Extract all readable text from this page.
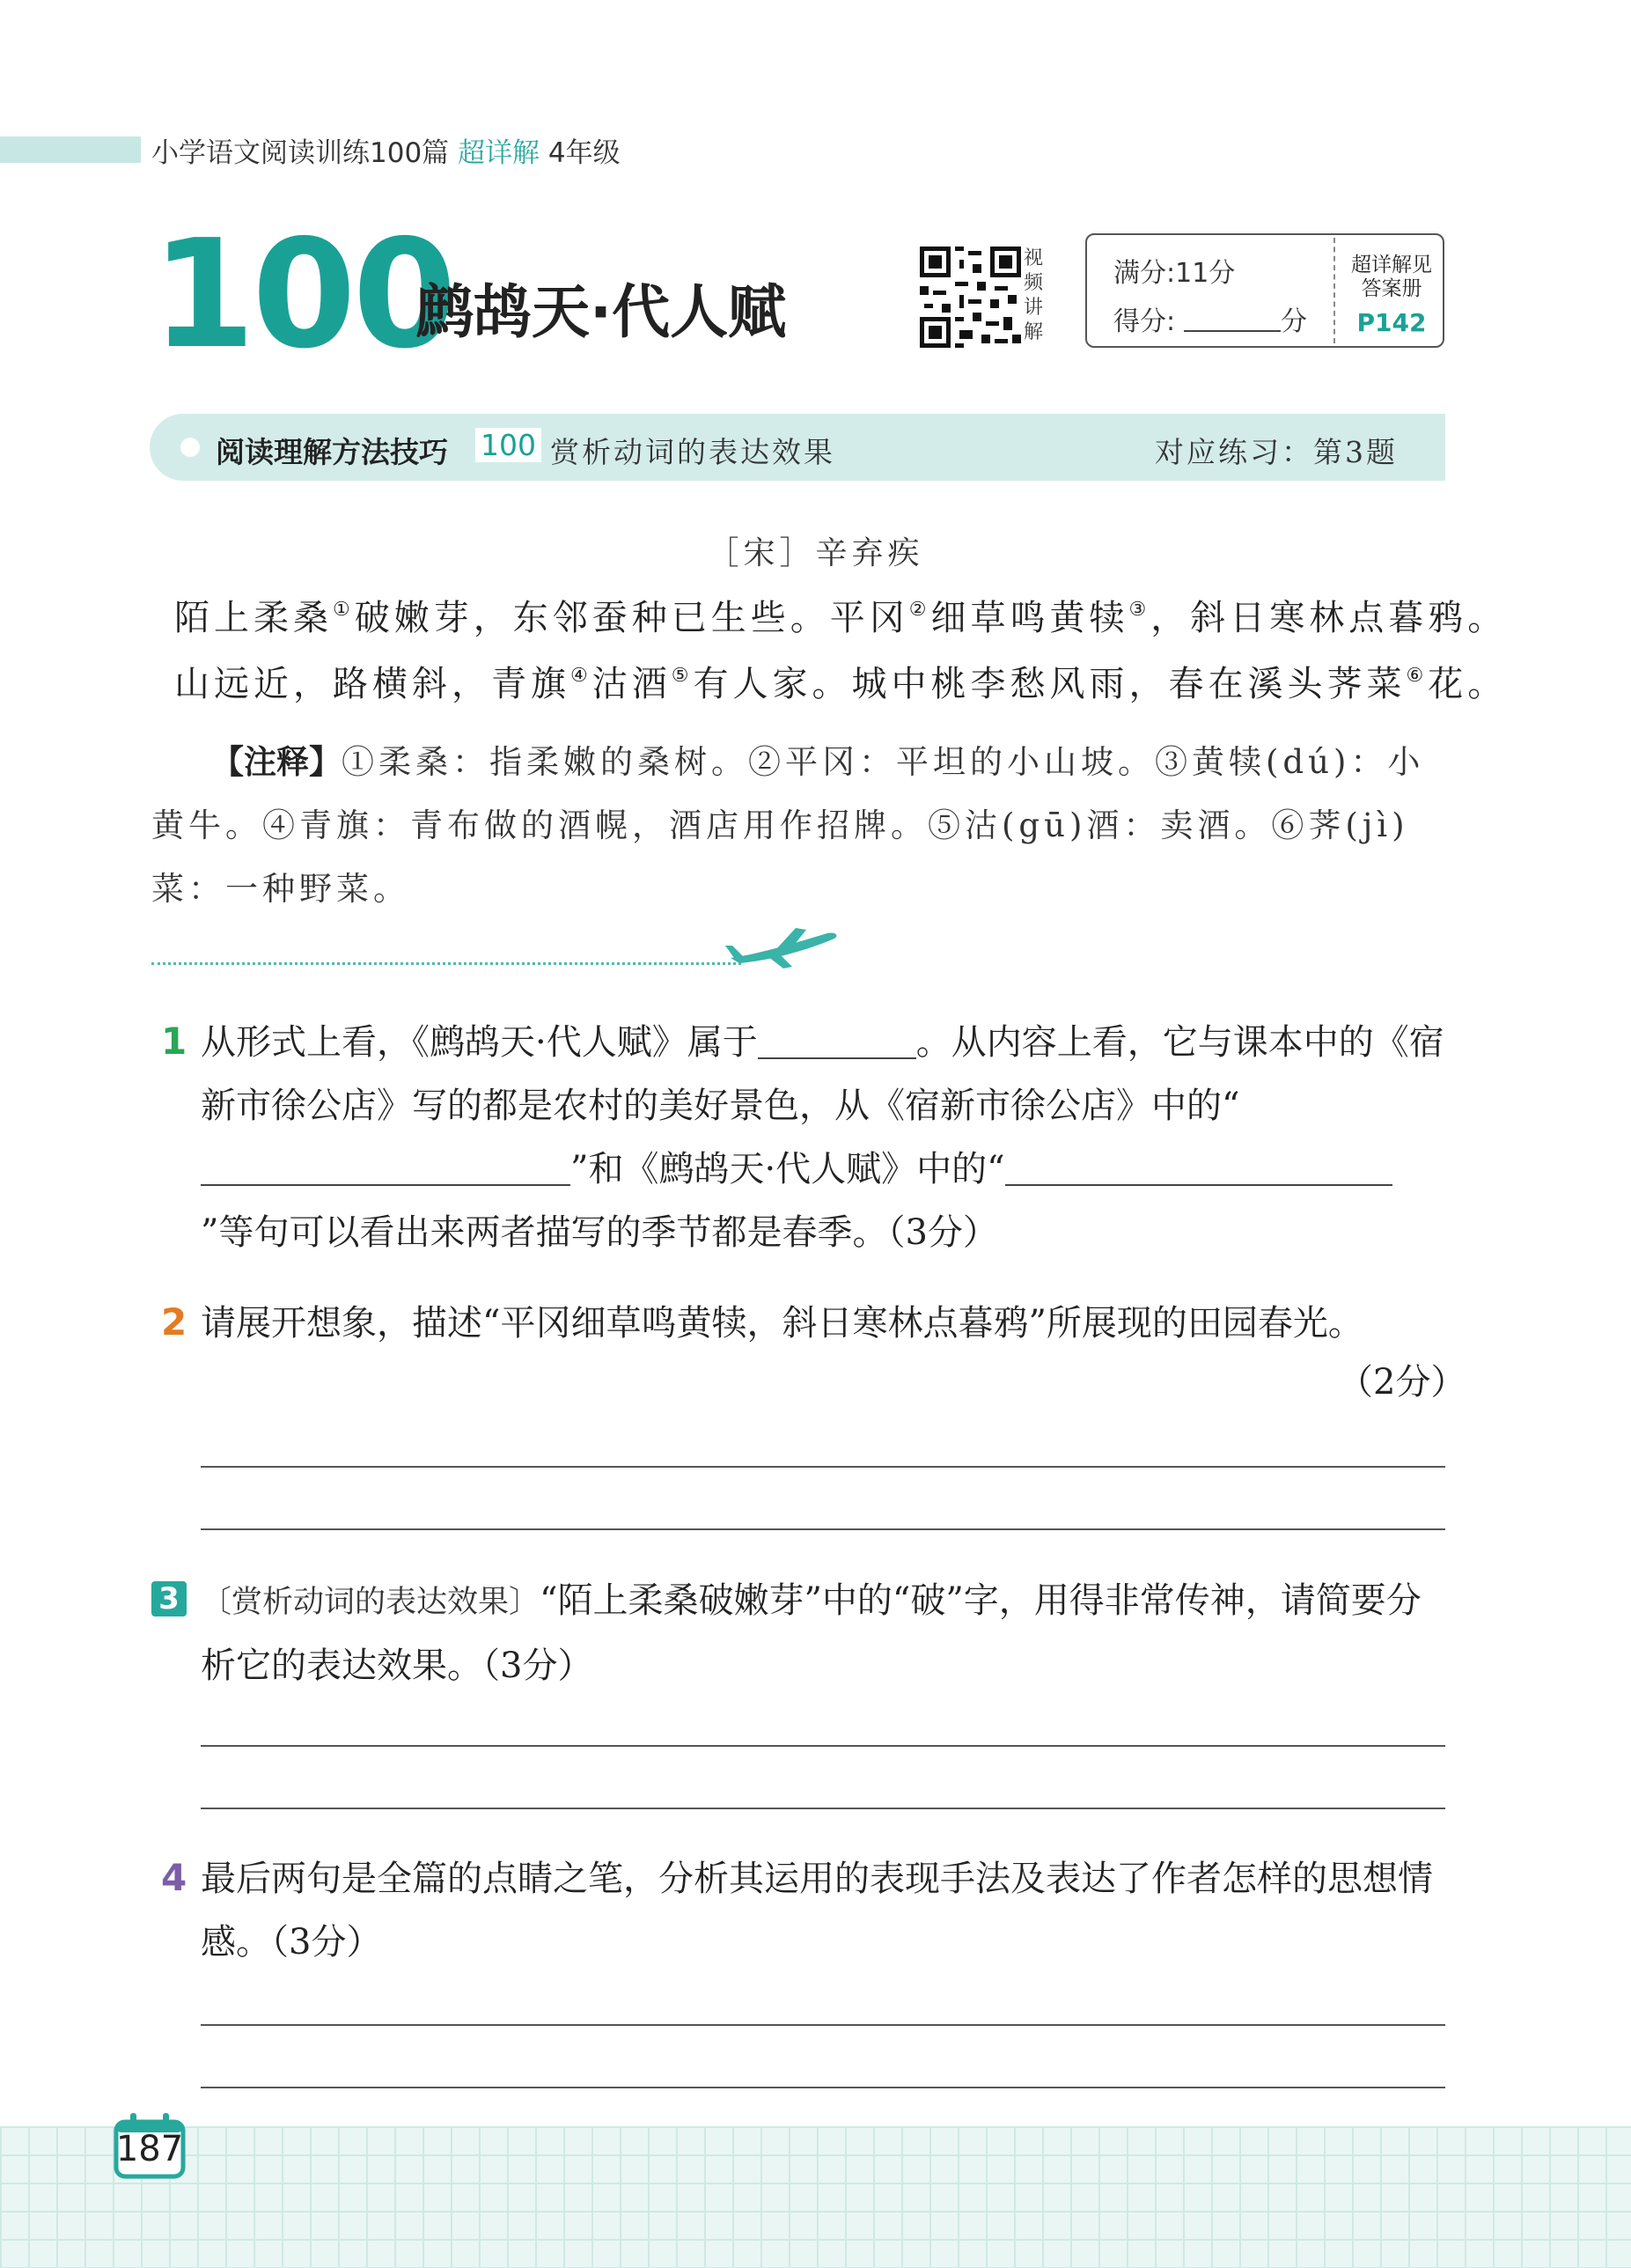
小学语文阅读训练100篇 超详解 4年级
100
鹧鸪天·代人赋
视频讲解
满分:11分
得分:	分
超详解见答案册
P142
阅读理解方法技巧 100 赏析动词的表达效果	对应练习：第3题
［宋］辛弃疾
陌上柔桑①破嫩芽，东邻蚕种已生些。平冈②细草鸣黄犊③，斜日寒林点暮鸦。
山远近，路横斜，青旗④沽酒⑤有人家。城中桃李愁风雨，春在溪头荠菜⑥花。
【注释】①柔桑：指柔嫩的桑树。②平冈：平坦的小山坡。③黄犊(dú)：小黄牛。④青旗：青布做的酒幌，酒店用作招牌。⑤沽(gū)酒：卖酒。⑥荠(jì)菜：一种野菜。
1 从形式上看，《鹧鸪天·代人赋》属于	。从内容上看，它与课本中的《宿新市徐公店》写的都是农村的美好景色，从《宿新市徐公店》中的“”和《鹧鸪天·代人赋》中的“”等句可以看出来两者描写的季节都是春季。（3分）
2 请展开想象，描述“平冈细草鸣黄犊，斜日寒林点暮鸦”所展现的田园春光。
（2分）
3 〔赏析动词的表达效果〕“陌上柔桑破嫩芽”中的“破”字，用得非常传神，请简要分析它的表达效果。（3分）
4 最后两句是全篇的点睛之笔，分析其运用的表现手法及表达了作者怎样的思想情感。（3分）
187
